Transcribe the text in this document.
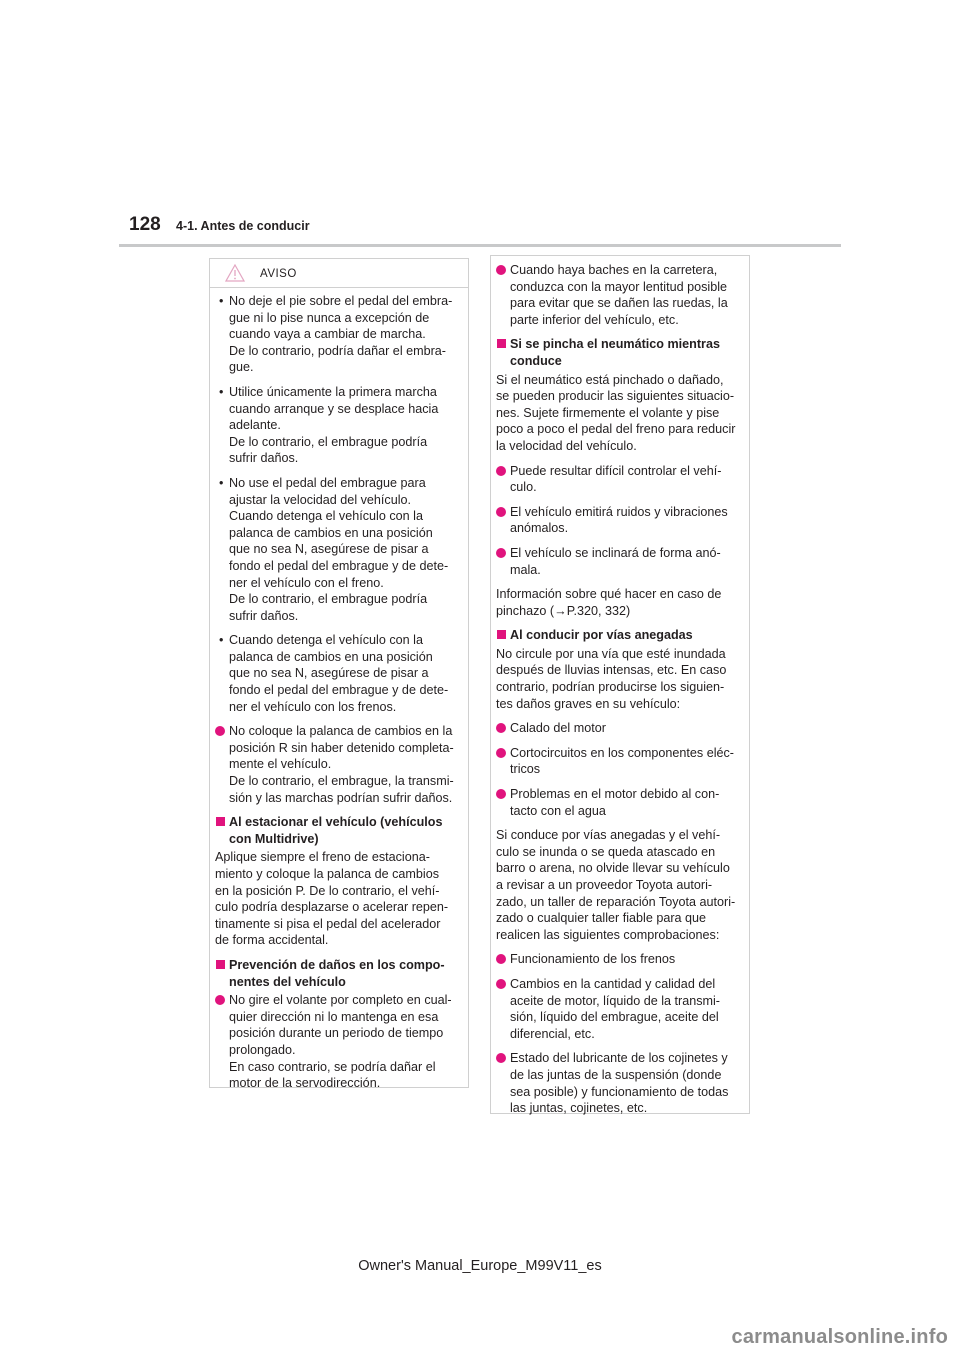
128 4-1. Antes de conducir
AVISO
• No deje el pie sobre el pedal del embra-
gue ni lo pise nunca a excepción de
cuando vaya a cambiar de marcha.
De lo contrario, podría dañar el embra-
gue.
• Utilice únicamente la primera marcha
cuando arranque y se desplace hacia
adelante.
De lo contrario, el embrague podría
sufrir daños.
• No use el pedal del embrague para
ajustar la velocidad del vehículo.
Cuando detenga el vehículo con la
palanca de cambios en una posición
que no sea N, asegúrese de pisar a
fondo el pedal del embrague y de dete-
ner el vehículo con el freno.
De lo contrario, el embrague podría
sufrir daños.
• Cuando detenga el vehículo con la
palanca de cambios en una posición
que no sea N, asegúrese de pisar a
fondo el pedal del embrague y de dete-
ner el vehículo con los frenos.
No coloque la palanca de cambios en la
posición R sin haber detenido completa-
mente el vehículo.
De lo contrario, el embrague, la transmi-
sión y las marchas podrían sufrir daños.
Al estacionar el vehículo (vehículos
con Multidrive)
Aplique siempre el freno de estaciona-
miento y coloque la palanca de cambios
en la posición P. De lo contrario, el vehí-
culo podría desplazarse o acelerar repen-
tinamente si pisa el pedal del acelerador
de forma accidental.
Prevención de daños en los compo-
nentes del vehículo
No gire el volante por completo en cual-
quier dirección ni lo mantenga en esa
posición durante un periodo de tiempo
prolongado.
En caso contrario, se podría dañar el
motor de la servodirección.
Cuando haya baches en la carretera,
conduzca con la mayor lentitud posible
para evitar que se dañen las ruedas, la
parte inferior del vehículo, etc.
Si se pincha el neumático mientras
conduce
Si el neumático está pinchado o dañado,
se pueden producir las siguientes situacio-
nes. Sujete firmemente el volante y pise
poco a poco el pedal del freno para reducir
la velocidad del vehículo.
Puede resultar difícil controlar el vehí-
culo.
El vehículo emitirá ruidos y vibraciones
anómalos.
El vehículo se inclinará de forma anó-
mala.
Información sobre qué hacer en caso de
pinchazo (→P.320, 332)
Al conducir por vías anegadas
No circule por una vía que esté inundada
después de lluvias intensas, etc. En caso
contrario, podrían producirse los siguien-
tes daños graves en su vehículo:
Calado del motor
Cortocircuitos en los componentes eléc-
tricos
Problemas en el motor debido al con-
tacto con el agua
Si conduce por vías anegadas y el vehí-
culo se inunda o se queda atascado en
barro o arena, no olvide llevar su vehículo
a revisar a un proveedor Toyota autori-
zado, un taller de reparación Toyota autori-
zado o cualquier taller fiable para que
realicen las siguientes comprobaciones:
Funcionamiento de los frenos
Cambios en la cantidad y calidad del
aceite de motor, líquido de la transmi-
sión, líquido del embrague, aceite del
diferencial, etc.
Estado del lubricante de los cojinetes y
de las juntas de la suspensión (donde
sea posible) y funcionamiento de todas
las juntas, cojinetes, etc.
Owner's Manual_Europe_M99V11_es
carmanualsonline.info
